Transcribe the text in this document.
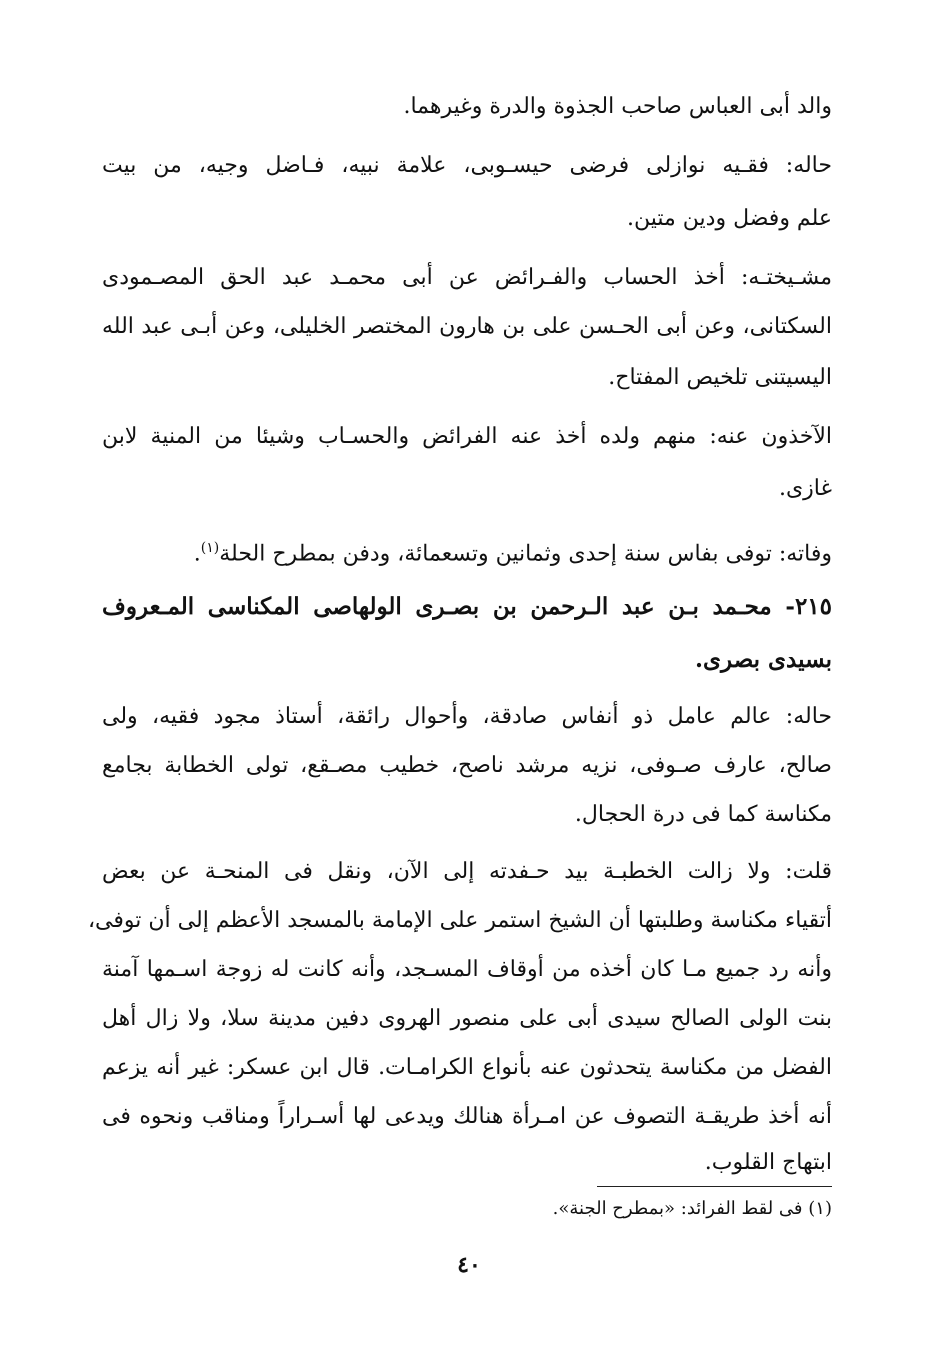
والد أبى العباس صاحب الجذوة والدرة وغيرهما.
حاله: فقـيه نوازلى فرضى حيسـوبى، علامة نبيه، فـاضل وجيه، من بيت
علم وفضل ودين متين.
مشـيختـه: أخذ الحساب والفـرائض عن أبى محمـد عبد الحق المصـمودى
السكتانى، وعن أبى الحـسن على بن هارون المختصر الخليلى، وعن أبـى عبد الله
اليسيتنى تلخيص المفتاح.
الآخذون عنه: منهم ولده أخذ عنه الفرائض والحسـاب وشيئا من المنية لابن
غازى.
وفاته: توفى بفاس سنة إحدى وثمانين وتسعمائة، ودفن بمطرح الحلة$^{(١)}$.
٢١٥- محـمد بـن عبد الـرحمن بن بصـرى الولهاصى المكناسى المـعروف
بسيدى بصرى.
حاله: عالم عامل ذو أنفاس صادقة، وأحوال رائقة، أستاذ مجود فقيه، ولى
صالح، عارف صـوفى، نزيه مرشد ناصح، خطيب مصـقع، تولى الخطابة بجامع
مكناسة كما فى درة الحجال.
قلت: ولا زالت الخطبـة بيد حـفدته إلى الآن، ونقل فى المنحـة عن بعض
أتقياء مكناسة وطلبتها أن الشيخ استمر على الإمامة بالمسجد الأعظم إلى أن توفى،
وأنه رد جميع مـا كان أخذه من أوقاف المسـجد، وأنه كانت له زوجة اسـمها آمنة
بنت الولى الصالح سيدى أبى على منصور الهروى دفين مدينة سلا، ولا زال أهل
الفضل من مكناسة يتحدثون عنه بأنواع الكرامـات. قال ابن عسكر: غير أنه يزعم
أنه أخذ طريقـة التصوف عن امـرأة هنالك ويدعى لها أسـراراً ومناقب ونحوه فى
ابتهاج القلوب.
(١) فى لقط الفرائد: «بمطرح الجنة».
٤٠
